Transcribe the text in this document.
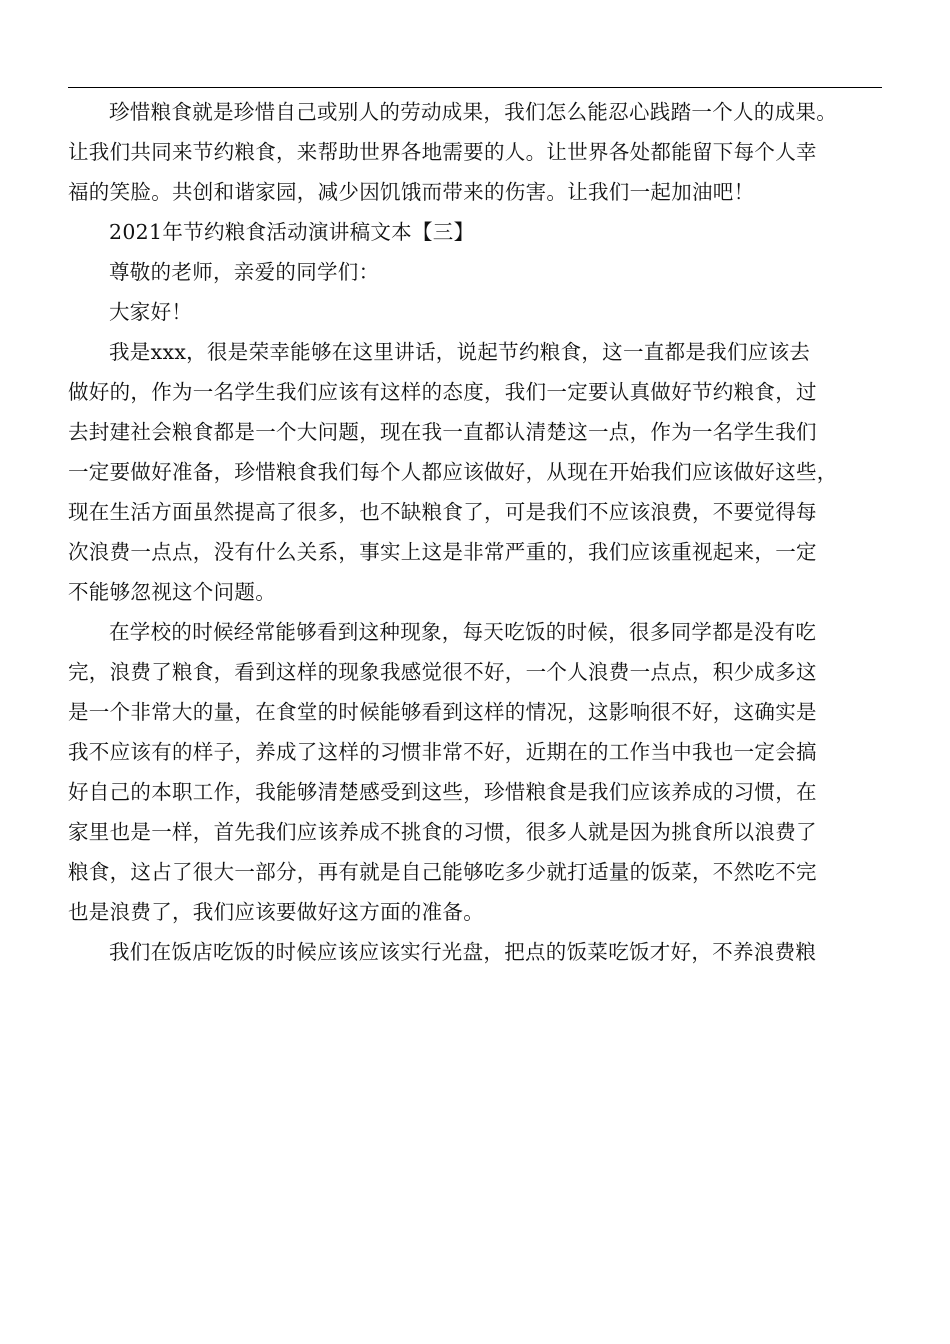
珍惜粮食就是珍惜自己或别人的劳动成果，我们怎么能忍心践踏一个人的成果。
让我们共同来节约粮食，来帮助世界各地需要的人。让世界各处都能留下每个人幸
福的笑脸。共创和谐家园，减少因饥饿而带来的伤害。让我们一起加油吧！
2021年节约粮食活动演讲稿文本【三】
尊敬的老师，亲爱的同学们：
大家好！
我是xxx，很是荣幸能够在这里讲话，说起节约粮食，这一直都是我们应该去
做好的，作为一名学生我们应该有这样的态度，我们一定要认真做好节约粮食，过
去封建社会粮食都是一个大问题，现在我一直都认清楚这一点，作为一名学生我们
一定要做好准备，珍惜粮食我们每个人都应该做好，从现在开始我们应该做好这些，
现在生活方面虽然提高了很多，也不缺粮食了，可是我们不应该浪费，不要觉得每
次浪费一点点，没有什么关系，事实上这是非常严重的，我们应该重视起来，一定
不能够忽视这个问题。
在学校的时候经常能够看到这种现象，每天吃饭的时候，很多同学都是没有吃
完，浪费了粮食，看到这样的现象我感觉很不好，一个人浪费一点点，积少成多这
是一个非常大的量，在食堂的时候能够看到这样的情况，这影响很不好，这确实是
我不应该有的样子，养成了这样的习惯非常不好，近期在的工作当中我也一定会搞
好自己的本职工作，我能够清楚感受到这些，珍惜粮食是我们应该养成的习惯，在
家里也是一样，首先我们应该养成不挑食的习惯，很多人就是因为挑食所以浪费了
粮食，这占了很大一部分，再有就是自己能够吃多少就打适量的饭菜，不然吃不完
也是浪费了，我们应该要做好这方面的准备。
我们在饭店吃饭的时候应该应该实行光盘，把点的饭菜吃饭才好，不养浪费粮
